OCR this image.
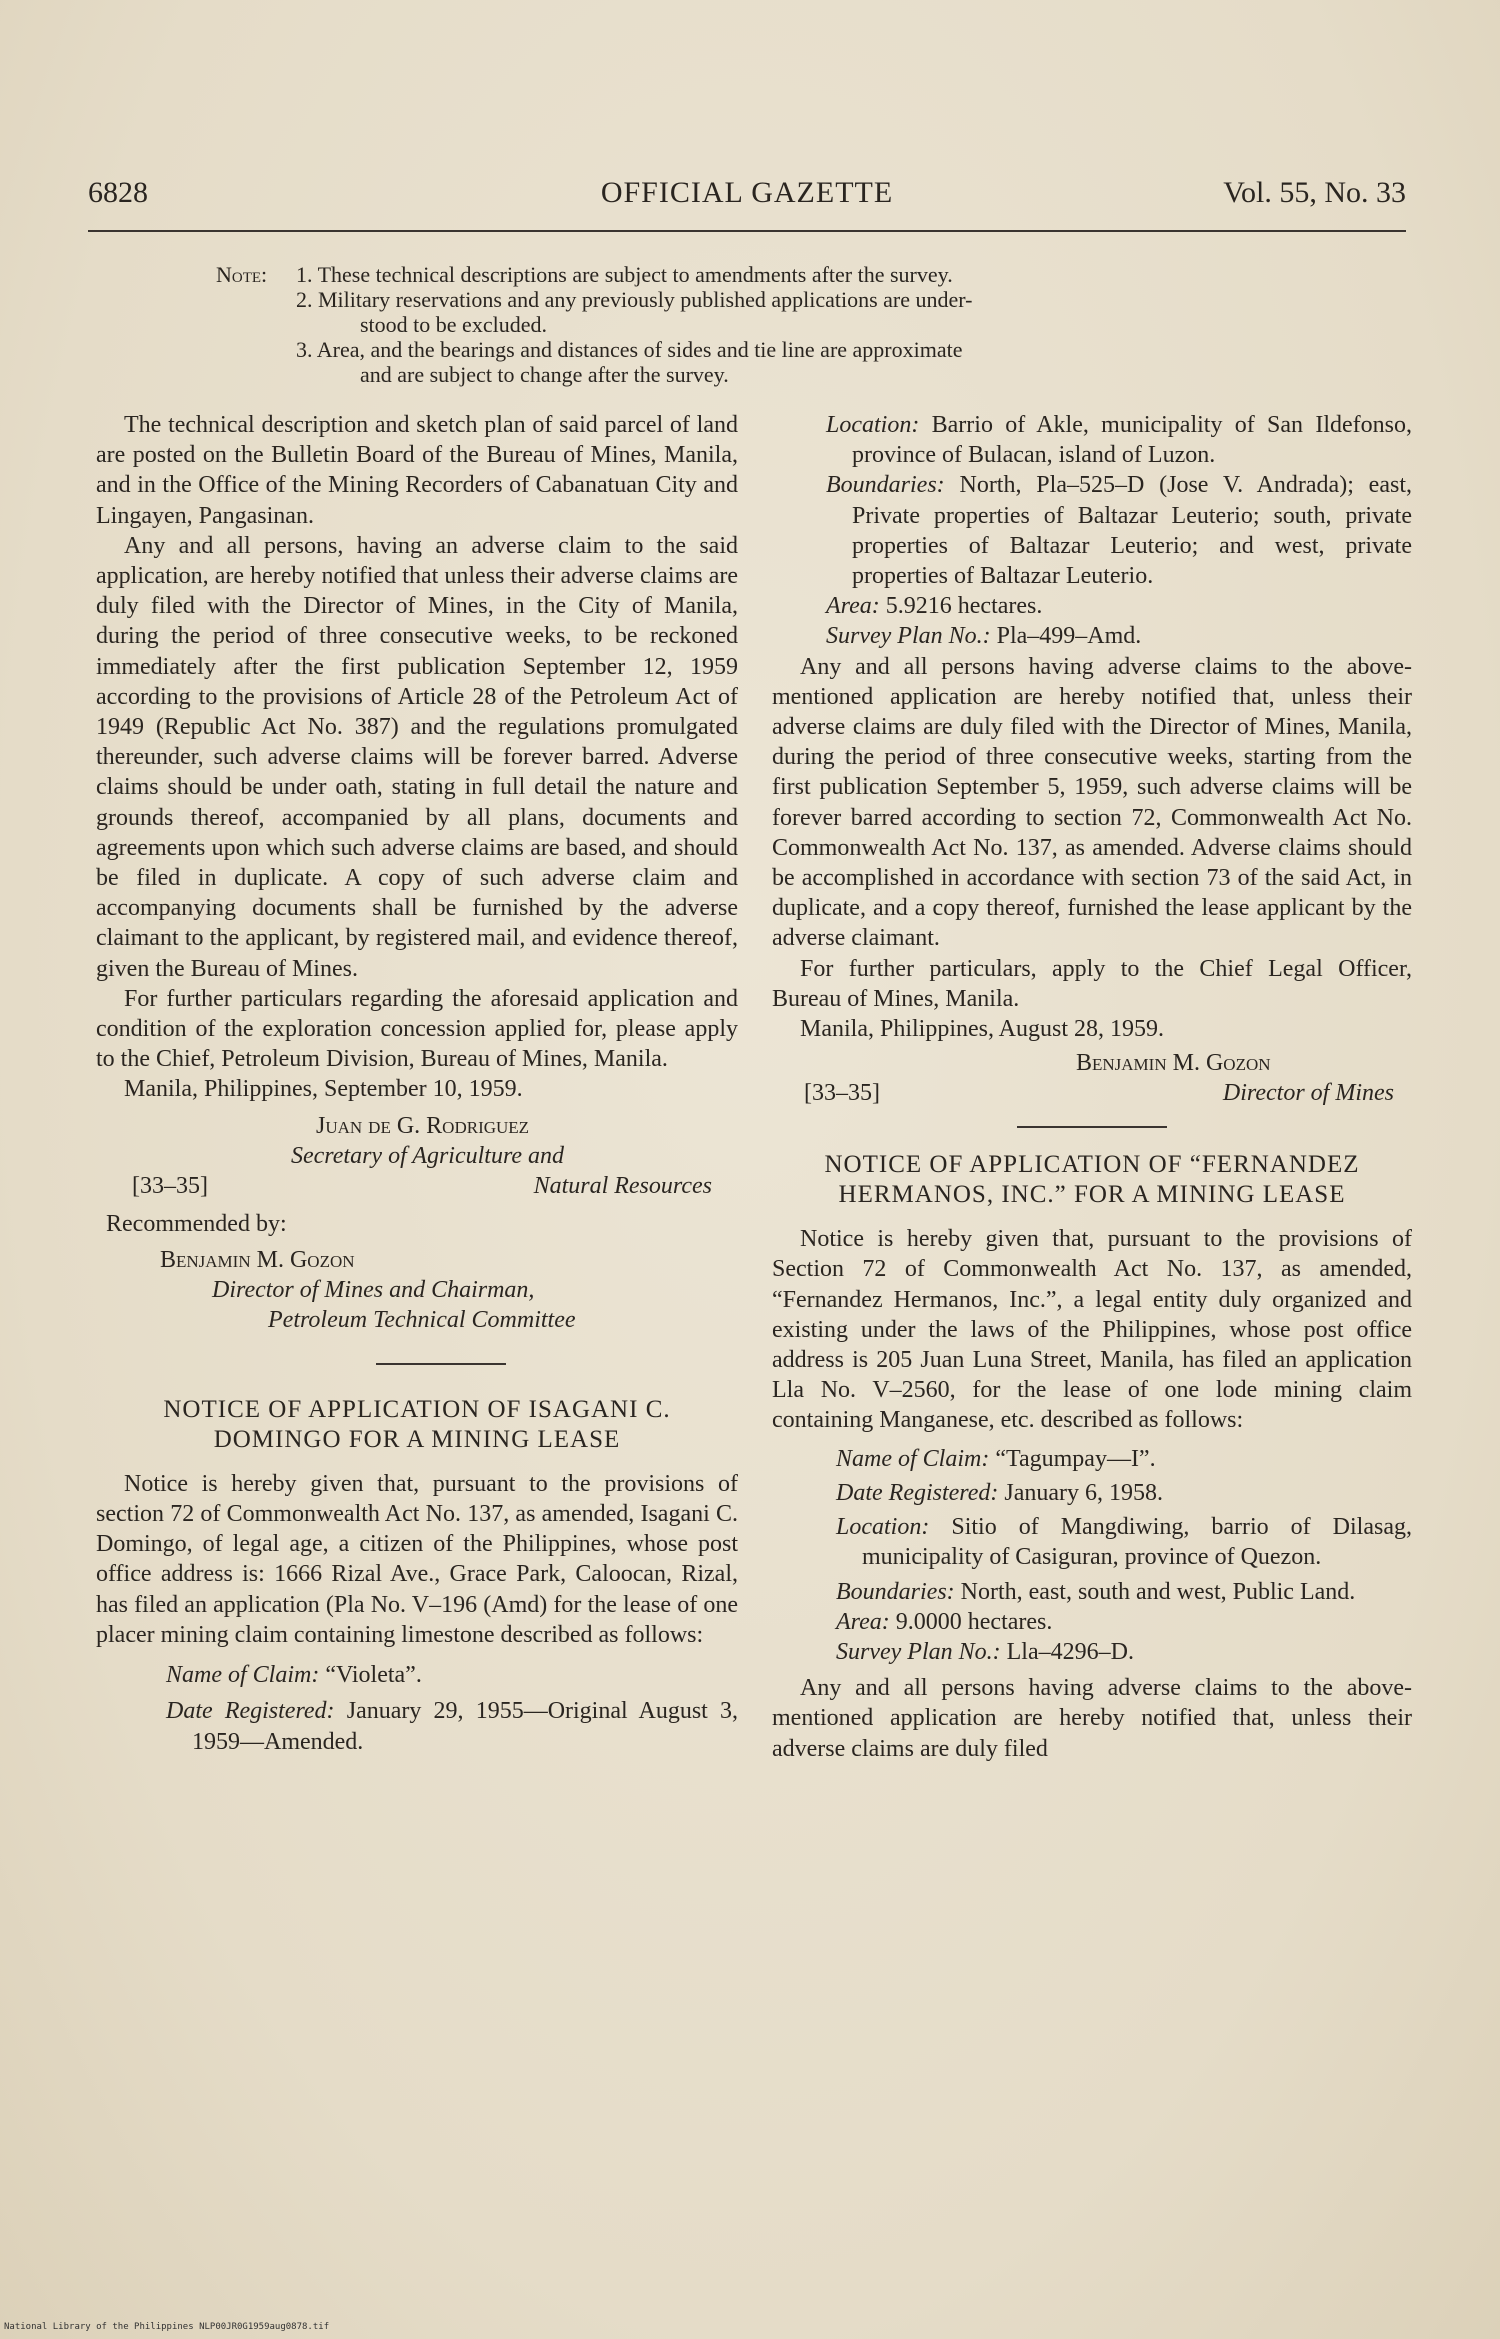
6828	OFFICIAL GAZETTE	Vol. 55, No. 33
Note: 1. These technical descriptions are subject to amendments after the survey.
2. Military reservations and any previously published applications are under-
stood to be excluded.
3. Area, and the bearings and distances of sides and tie line are approximate
and are subject to change after the survey.

The technical description and sketch plan of said parcel of land are posted on the Bulletin Board of the Bureau of Mines, Manila, and in the Office of the Mining Recorders of Cabanatuan City and Lingayen, Pangasinan.

Any and all persons, having an adverse claim to the said application, are hereby notified that unless their adverse claims are duly filed with the Director of Mines, in the City of Manila, during the period of three consecutive weeks, to be reckoned immediately after the first publication September 12, 1959 according to the provisions of Article 28 of the Petroleum Act of 1949 (Republic Act No. 387) and the regulations promulgated thereunder, such adverse claims will be forever barred. Adverse claims should be under oath, stating in full detail the nature and grounds thereof, accompanied by all plans, documents and agreements upon which such adverse claims are based, and should be filed in duplicate. A copy of such adverse claim and accompanying documents shall be furnished by the adverse claimant to the applicant, by registered mail, and evidence thereof, given the Bureau of Mines.

For further particulars regarding the aforesaid application and condition of the exploration concession applied for, please apply to the Chief, Petroleum Division, Bureau of Mines, Manila.

Manila, Philippines, September 10, 1959.

Juan de G. Rodriguez
Secretary of Agriculture and
[33–35]	Natural Resources

Recommended by:

Benjamin M. Gozon
Director of Mines and Chairman,
Petroleum Technical Committee

NOTICE OF APPLICATION OF ISAGANI C. DOMINGO FOR A MINING LEASE

Notice is hereby given that, pursuant to the provisions of section 72 of Commonwealth Act No. 137, as amended, Isagani C. Domingo, of legal age, a citizen of the Philippines, whose post office address is: 1666 Rizal Ave., Grace Park, Caloocan, Rizal, has filed an application (Pla No. V–196 (Amd) for the lease of one placer mining claim containing limestone described as follows:

Name of Claim: “Violeta”.

Date Registered: January 29, 1955—Original August 3, 1959—Amended.

Location: Barrio of Akle, municipality of San Ildefonso, province of Bulacan, island of Luzon.

Boundaries: North, Pla–525–D (Jose V. Andrada); east, Private properties of Baltazar Leuterio; south, private properties of Baltazar Leuterio; and west, private properties of Baltazar Leuterio.

Area: 5.9216 hectares.

Survey Plan No.: Pla–499–Amd.

Any and all persons having adverse claims to the above-mentioned application are hereby notified that, unless their adverse claims are duly filed with the Director of Mines, Manila, during the period of three consecutive weeks, starting from the first publication September 5, 1959, such adverse claims will be forever barred according to section 72, Commonwealth Act No. Commonwealth Act No. 137, as amended. Adverse claims should be accomplished in accordance with section 73 of the said Act, in duplicate, and a copy thereof, furnished the lease applicant by the adverse claimant.

For further particulars, apply to the Chief Legal Officer, Bureau of Mines, Manila.

Manila, Philippines, August 28, 1959.

Benjamin M. Gozon
[33–35]	Director of Mines

NOTICE OF APPLICATION OF “FERNANDEZ HERMANOS, INC.” FOR A MINING LEASE

Notice is hereby given that, pursuant to the provisions of Section 72 of Commonwealth Act No. 137, as amended, “Fernandez Hermanos, Inc.”, a legal entity duly organized and existing under the laws of the Philippines, whose post office address is 205 Juan Luna Street, Manila, has filed an application Lla No. V–2560, for the lease of one lode mining claim containing Manganese, etc. described as follows:

Name of Claim: “Tagumpay—I”.

Date Registered: January 6, 1958.

Location: Sitio of Mangdiwing, barrio of Dilasag, municipality of Casiguran, province of Quezon.

Boundaries: North, east, south and west, Public Land.

Area: 9.0000 hectares.

Survey Plan No.: Lla–4296–D.

Any and all persons having adverse claims to the above-mentioned application are hereby notified that, unless their adverse claims are duly filed

National Library of the Philippines NLP00JR0G1959aug0878.tif
